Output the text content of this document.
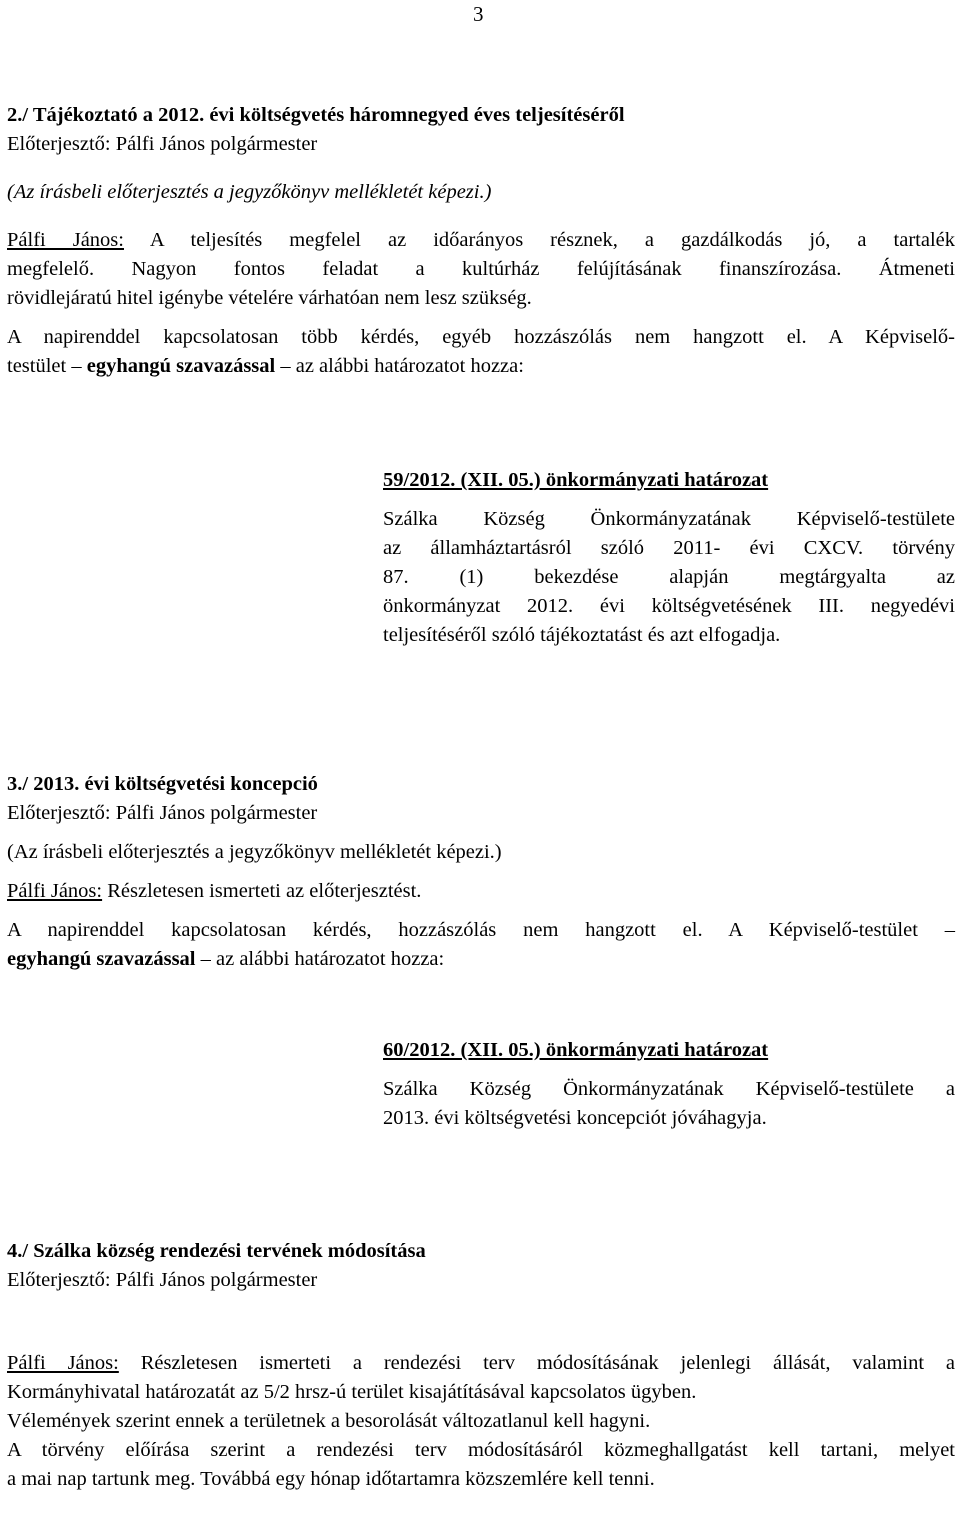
3

2./ Tájékoztató a 2012. évi költségvetés háromnegyed éves teljesítéséről

Előterjesztő: Pálfi János polgármester

(Az írásbeli előterjesztés a jegyzőkönyv mellékletét képezi.)

Pálfi János: A teljesítés megfelel az időarányos résznek, a gazdálkodás jó, a tartalék

megfelelő. Nagyon fontos feladat a kultúrház felújításának finanszírozása. Átmeneti

rövidlejáratú hitel igénybe vételére várhatóan nem lesz szükség.

A napirenddel kapcsolatosan több kérdés, egyéb hozzászólás nem hangzott el. A Képviselő-

testület – egyhangú szavazással – az alábbi határozatot hozza:

59/2012. (XII. 05.) önkormányzati határozat

Szálka Község Önkormányzatának Képviselő-testülete

az államháztartásról szóló 2011- évi CXCV. törvény

87. (1) bekezdése alapján megtárgyalta az

önkormányzat 2012. évi költségvetésének III. negyedévi

teljesítéséről szóló tájékoztatást és azt elfogadja.

3./ 2013. évi költségvetési koncepció

Előterjesztő: Pálfi János polgármester

(Az írásbeli előterjesztés a jegyzőkönyv mellékletét képezi.)

Pálfi János: Részletesen ismerteti az előterjesztést.

A napirenddel kapcsolatosan kérdés, hozzászólás nem hangzott el. A Képviselő-testület –

egyhangú szavazással – az alábbi határozatot hozza:

60/2012. (XII. 05.) önkormányzati határozat

Szálka Község Önkormányzatának Képviselő-testülete a

2013. évi költségvetési koncepciót jóváhagyja.

4./ Szálka község rendezési tervének módosítása

Előterjesztő: Pálfi János polgármester

Pálfi János: Részletesen ismerteti a rendezési terv módosításának jelenlegi állását, valamint a

Kormányhivatal határozatát az 5/2 hrsz-ú terület kisajátításával kapcsolatos ügyben.

Vélemények szerint ennek a területnek a besorolását változatlanul kell hagyni.

A törvény előírása szerint a rendezési terv módosításáról közmeghallgatást kell tartani, melyet

a mai nap tartunk meg. Továbbá egy hónap időtartamra közszemlére kell tenni.
